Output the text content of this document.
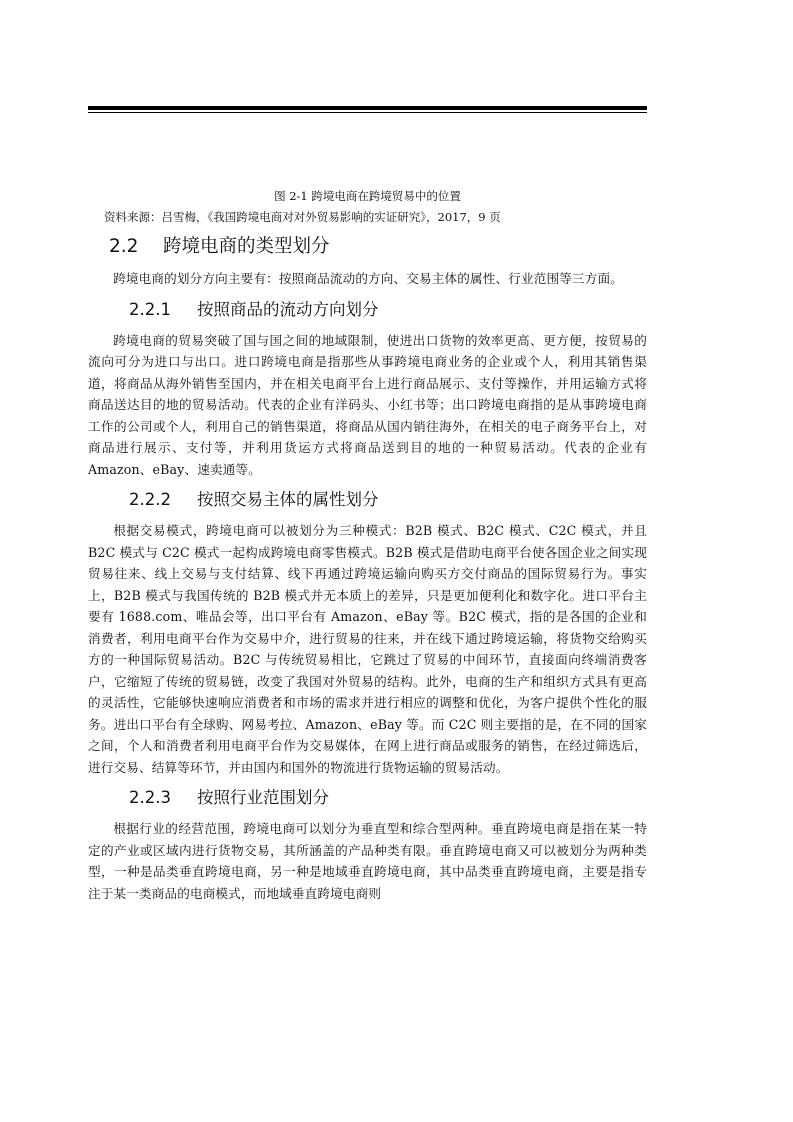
图 2-1 跨境电商在跨境贸易中的位置
资料来源：吕雪梅，《我国跨境电商对对外贸易影响的实证研究》，2017，9 页
2.2 跨境电商的类型划分

跨境电商的划分方向主要有：按照商品流动的方向、交易主体的属性、行业范围等三方面。

2.2.1 按照商品的流动方向划分

跨境电商的贸易突破了国与国之间的地域限制，使进出口货物的效率更高、更方便，按贸易的流向可分为进口与出口。进口跨境电商是指那些从事跨境电商业务的企业或个人，利用其销售渠道，将商品从海外销售至国内，并在相关电商平台上进行商品展示、支付等操作，并用运输方式将商品送达目的地的贸易活动。代表的企业有洋码头、小红书等；出口跨境电商指的是从事跨境电商工作的公司或个人，利用自己的销售渠道，将商品从国内销往海外，在相关的电子商务平台上，对商品进行展示、支付等，并利用货运方式将商品送到目的地的一种贸易活动。代表的企业有 Amazon、eBay、速卖通等。

2.2.2 按照交易主体的属性划分

根据交易模式，跨境电商可以被划分为三种模式：B2B 模式、B2C 模式、C2C 模式，并且 B2C 模式与 C2C 模式一起构成跨境电商零售模式。B2B 模式是借助电商平台使各国企业之间实现贸易往来、线上交易与支付结算、线下再通过跨境运输向购买方交付商品的国际贸易行为。事实上，B2B 模式与我国传统的 B2B 模式并无本质上的差异，只是更加便利化和数字化。进口平台主要有 1688.com、唯品会等，出口平台有 Amazon、eBay 等。B2C 模式，指的是各国的企业和消费者，利用电商平台作为交易中介，进行贸易的往来，并在线下通过跨境运输，将货物交给购买方的一种国际贸易活动。B2C 与传统贸易相比，它跳过了贸易的中间环节，直接面向终端消费客户，它缩短了传统的贸易链，改变了我国对外贸易的结构。此外，电商的生产和组织方式具有更高的灵活性，它能够快速响应消费者和市场的需求并进行相应的调整和优化，为客户提供个性化的服务。进出口平台有全球购、网易考拉、Amazon、eBay 等。而 C2C 则主要指的是，在不同的国家之间，个人和消费者利用电商平台作为交易媒体，在网上进行商品或服务的销售，在经过筛选后，进行交易、结算等环节，并由国内和国外的物流进行货物运输的贸易活动。

2.2.3 按照行业范围划分

根据行业的经营范围，跨境电商可以划分为垂直型和综合型两种。垂直跨境电商是指在某一特定的产业或区域内进行货物交易，其所涵盖的产品种类有限。垂直跨境电商又可以被划分为两种类型，一种是品类垂直跨境电商，另一种是地域垂直跨境电商，其中品类垂直跨境电商，主要是指专注于某一类商品的电商模式，而地域垂直跨境电商则
